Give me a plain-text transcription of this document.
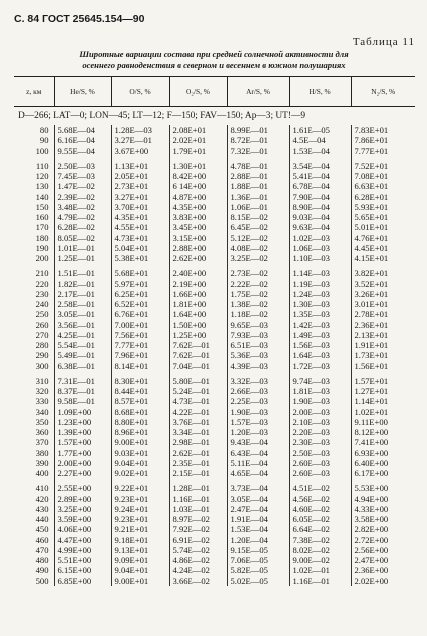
С. 84 ГОСТ 25645.154—90
Таблица 11
Широтные вариации состава при средней солнечной активности для
осеннего равноденствия в северном и весеннем в южном полушариях
z, км	He/S, %	O/S, %	O₂/S, %	Ar/S, %	H/S, %	N₂/S, %
D—266; LAT—0; LON—45; LT—12; F—150; FAV—150; Ap—3; UT!—9						
80	5.68E—04	1.28E—03	2.08E+01	8.99E—01	1.61E—05	7.83E+01
90	6.16E—04	3.27E—01	2.02E+01	8.72E—01	4.5E—04	7.86E+01
100	9.55E—04	3.67E+00	1.79E+01	7.32E—01	1.53E—04	7.77E+01

110	2.50E—03	1.13E+01	1.30E+01	4.78E—01	3.54E—04	7.52E+01
120	7.45E—03	2.05E+01	8.42E+00	2.88E—01	5.41E—04	7.08E+01
130	1.47E—02	2.73E+01	6 14E+00	1.88E—01	6.78E—04	6.63E+01
140	2.39E—02	3.27E+01	4.87E+00	1.36E—01	7.90E—04	6.28E+01
150	3.48E—02	3.70E+01	4.35E+00	1.06E—01	8.90E—04	5.93E+01
160	4.79E—02	4.35E+01	3.83E+00	8.15E—02	9.03E—04	5.65E+01
170	6.28E—02	4.55E+01	3.45E+00	6.45E—02	9.63E—04	5.01E+01
180	8.05E—02	4.73E+01	3.15E+00	5.12E—02	1.02E—03	4.76E+01
190	1.01E—01	5.04E+01	2.88E+00	4.08E—02	1.06E—03	4.45E+01
200	1.25E—01	5.38E+01	2.62E+00	3.25E—02	1.10E—03	4.15E+01

210	1.51E—01	5.68E+01	2.40E+00	2.73E—02	1.14E—03	3.82E+01
220	1.82E—01	5.97E+01	2.19E+00	2.22E—02	1.19E—03	3.52E+01
230	2.17E—01	6.25E+01	1.66E+00	1.75E—02	1.24E—03	3.26E+01
240	2.58E—01	6.52E+01	1.81E+00	1.38E—02	1.30E—03	3.01E+01
250	3.05E—01	6.76E+01	1.64E+00	1.18E—02	1.35E—03	2.78E+01
260	3.56E—01	7.00E+01	1.50E+00	9.65E—03	1.42E—03	2.36E+01
270	4.25E—01	7.56E+01	1.25E+00	7.93E—03	1.49E—03	2.13E+01
280	5.54E—01	7.77E+01	7.62E—01	6.51E—03	1.56E—03	1.91E+01
290	5.49E—01	7.96E+01	7.62E—01	5.36E—03	1.64E—03	1.73E+01
300	6.38E—01	8.14E+01	7.04E—01	4.39E—03	1.72E—03	1.56E+01

310	7.31E—01	8.30E+01	5.80E—01	3.32E—03	9.74E—03	1.57E+01
320	8.37E—01	8.44E+01	5.24E—01	2.66E—03	1.81E—03	1.27E+01
330	9.58E—01	8.57E+01	4.73E—01	2.25E—03	1.90E—03	1.14E+01
340	1.09E+00	8.68E+01	4.22E—01	1.90E—03	2.00E—03	1.02E+01
350	1.23E+00	8.80E+01	3.76E—01	1.57E—03	2.10E—03	9.11E+00
360	1.39E+00	8.96E+01	3.34E—01	1.20E—03	2.20E—03	8.12E+00
370	1.57E+00	9.00E+01	2.98E—01	9.43E—04	2.30E—03	7.41E+00
380	1.77E+00	9.03E+01	2.62E—01	6.43E—04	2.50E—03	6.93E+00
390	2.00E+00	9.04E+01	2.35E—01	5.11E—04	2.60E—03	6.40E+00
400	2.27E+00	9.02E+01	2.15E—01	4.65E—04	2.60E—03	6.17E+00

410	2.55E+00	9.22E+01	1.28E—01	3.73E—04	4.51E—02	5.53E+00
420	2.89E+00	9.23E+01	1.16E—01	3.05E—04	4.56E—02	4.94E+00
430	3.25E+00	9.24E+01	1.03E—01	2.47E—04	4.60E—02	4.33E+00
440	3.59E+00	9.23E+01	8.97E—02	1.91E—04	6.05E—02	3.58E+00
450	4.06E+00	9.21E+01	7.92E—02	1.53E—04	6.64E—02	2.82E+00
460	4.47E+00	9.18E+01	6.91E—02	1.20E—04	7.38E—02	2.72E+00
470	4.99E+00	9.13E+01	5.74E—02	9.15E—05	8.02E—02	2.56E+00
480	5.51E+00	9.09E+01	4.86E—02	7.06E—05	9.00E—02	2.47E+00
490	6.15E+00	9.04E+01	4.24E—02	5.82E—05	1.02E—01	2.36E+00
500	6.85E+00	9.00E+01	3.66E—02	5.02E—05	1.16E—01	2.02E+00
